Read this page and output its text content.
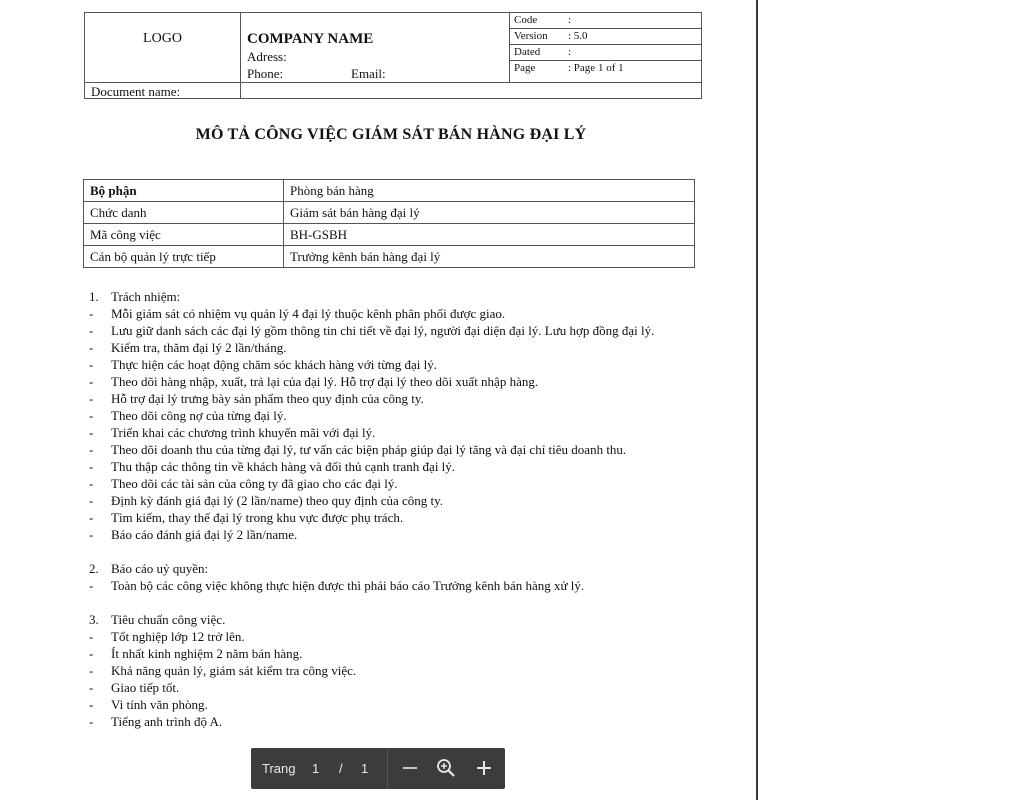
LOGO	COMPANY NAME
Adress:
Phone:	Email:
Document name:
Code	:
Version : 5.0
Dated	:
Page	: Page 1 of 1
MÔ TẢ CÔNG VIỆC GIÁM SÁT BÁN HÀNG ĐẠI LÝ
Bộ phận	Phòng bán hàng
Chức danh	Giám sát bán hàng đại lý
Mã công việc	BH-GSBH
Cán bộ quản lý trực tiếp	Trưởng kênh bán hàng đại lý
1. Trách nhiệm:
- Mỗi giám sát có nhiệm vụ quản lý 4 đại lý thuộc kênh phân phối được giao.
- Lưu giữ danh sách các đại lý gồm thông tin chi tiết về đại lý, người đại diện đại lý. Lưu hợp đồng đại lý.
- Kiểm tra, thăm đại lý 2 lần/tháng.
- Thực hiện các hoạt động chăm sóc khách hàng với từng đại lý.
- Theo dõi hàng nhập, xuất, trả lại của đại lý. Hỗ trợ đại lý theo dõi xuất nhập hàng.
- Hỗ trợ đại lý trưng bày sản phẩm theo quy định của công ty.
- Theo dõi công nợ của từng đại lý.
- Triển khai các chương trình khuyến mãi với đại lý.
- Theo dõi doanh thu của từng đại lý, tư vấn các biện pháp giúp đại lý tăng và đại chỉ tiêu doanh thu.
- Thu thập các thông tin về khách hàng và đối thủ cạnh tranh đại lý.
- Theo dõi các tài sản của công ty đã giao cho các đại lý.
- Định kỳ đánh giá đại lý (2 lần/name) theo quy định của công ty.
- Tìm kiếm, thay thế đại lý trong khu vực được phụ trách.
- Báo cáo đánh giá đại lý 2 lần/name.
2. Báo cáo uỷ quyền:
- Toàn bộ các công việc không thực hiện được thì phải báo cáo Trưởng kênh bán hàng xử lý.
3. Tiêu chuẩn công việc.
- Tốt nghiệp lớp 12 trở lên.
- Ít nhất kinh nghiệm 2 năm bán hàng.
- Khả năng quản lý, giám sát kiểm tra công việc.
- Giao tiếp tốt.
- Vi tính văn phòng.
- Tiếng anh trình độ A.
Trang 1 / 1
